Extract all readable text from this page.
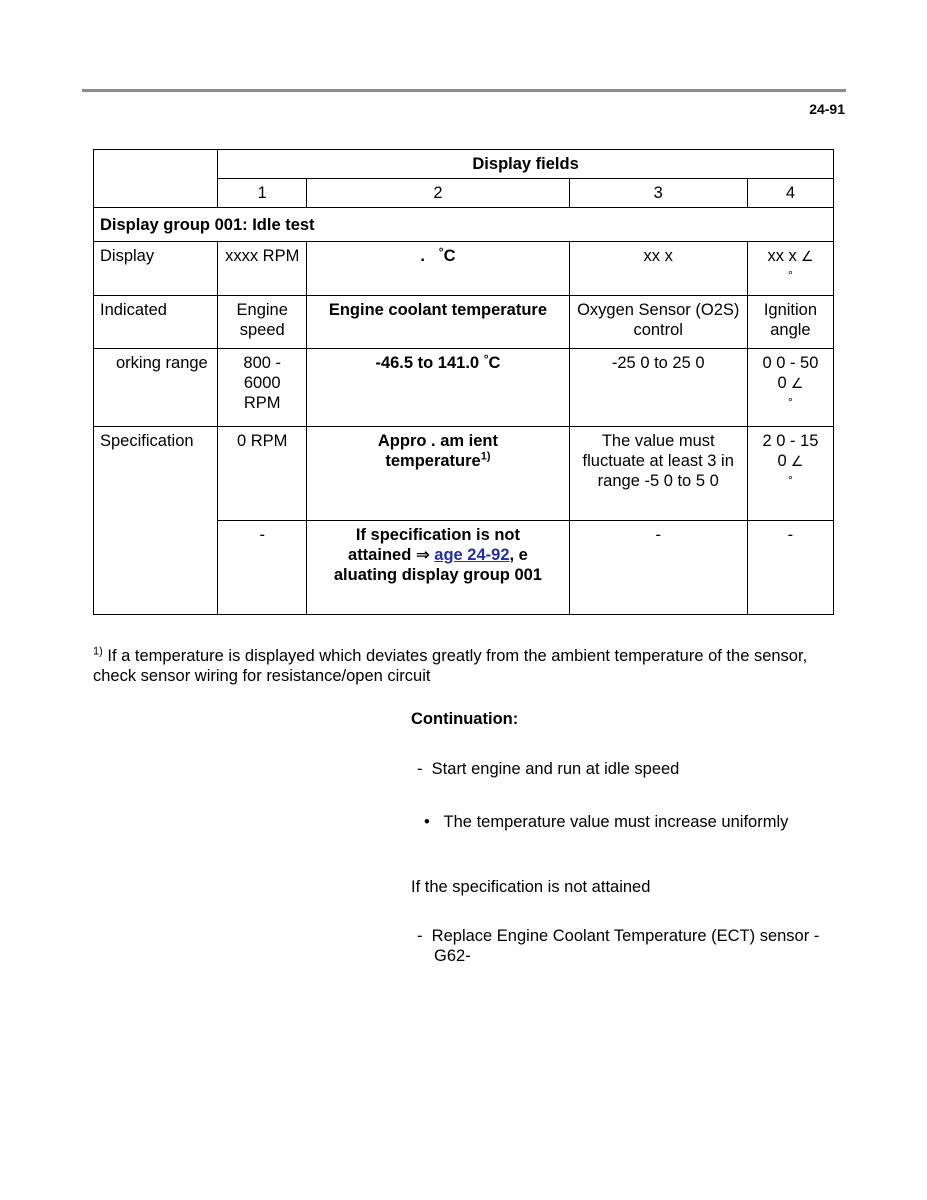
24-91
	Display fields			
	1	2	3	4
Display group 001: Idle test				
Display	xxxx RPM	. °C	xx x	xx x ∠
°
Indicated	Engine speed	Engine coolant temperature	Oxygen Sensor (O2S) control	Ignition angle
orking range	800 - 6000 RPM	-46.5 to 141.0 °C	-25 0 to 25 0	0 0 - 50 0 ∠
°
Specification	0 RPM	Appro . am ient temperature$^{1)}$	The value must fluctuate at least 3 in range -5 0 to 5 0	2 0 - 15 0 ∠
°
	-	If specification is not attained ⇒ age 24-92, e aluating display group 001	-	-
$^{1)}$ If a temperature is displayed which deviates greatly from the ambient temperature of the sensor, check sensor wiring for resistance/open circuit
Continuation:
- Start engine and run at idle speed
• The temperature value must increase uniformly
If the specification is not attained
- Replace Engine Coolant Temperature (ECT) sensor -G62-
